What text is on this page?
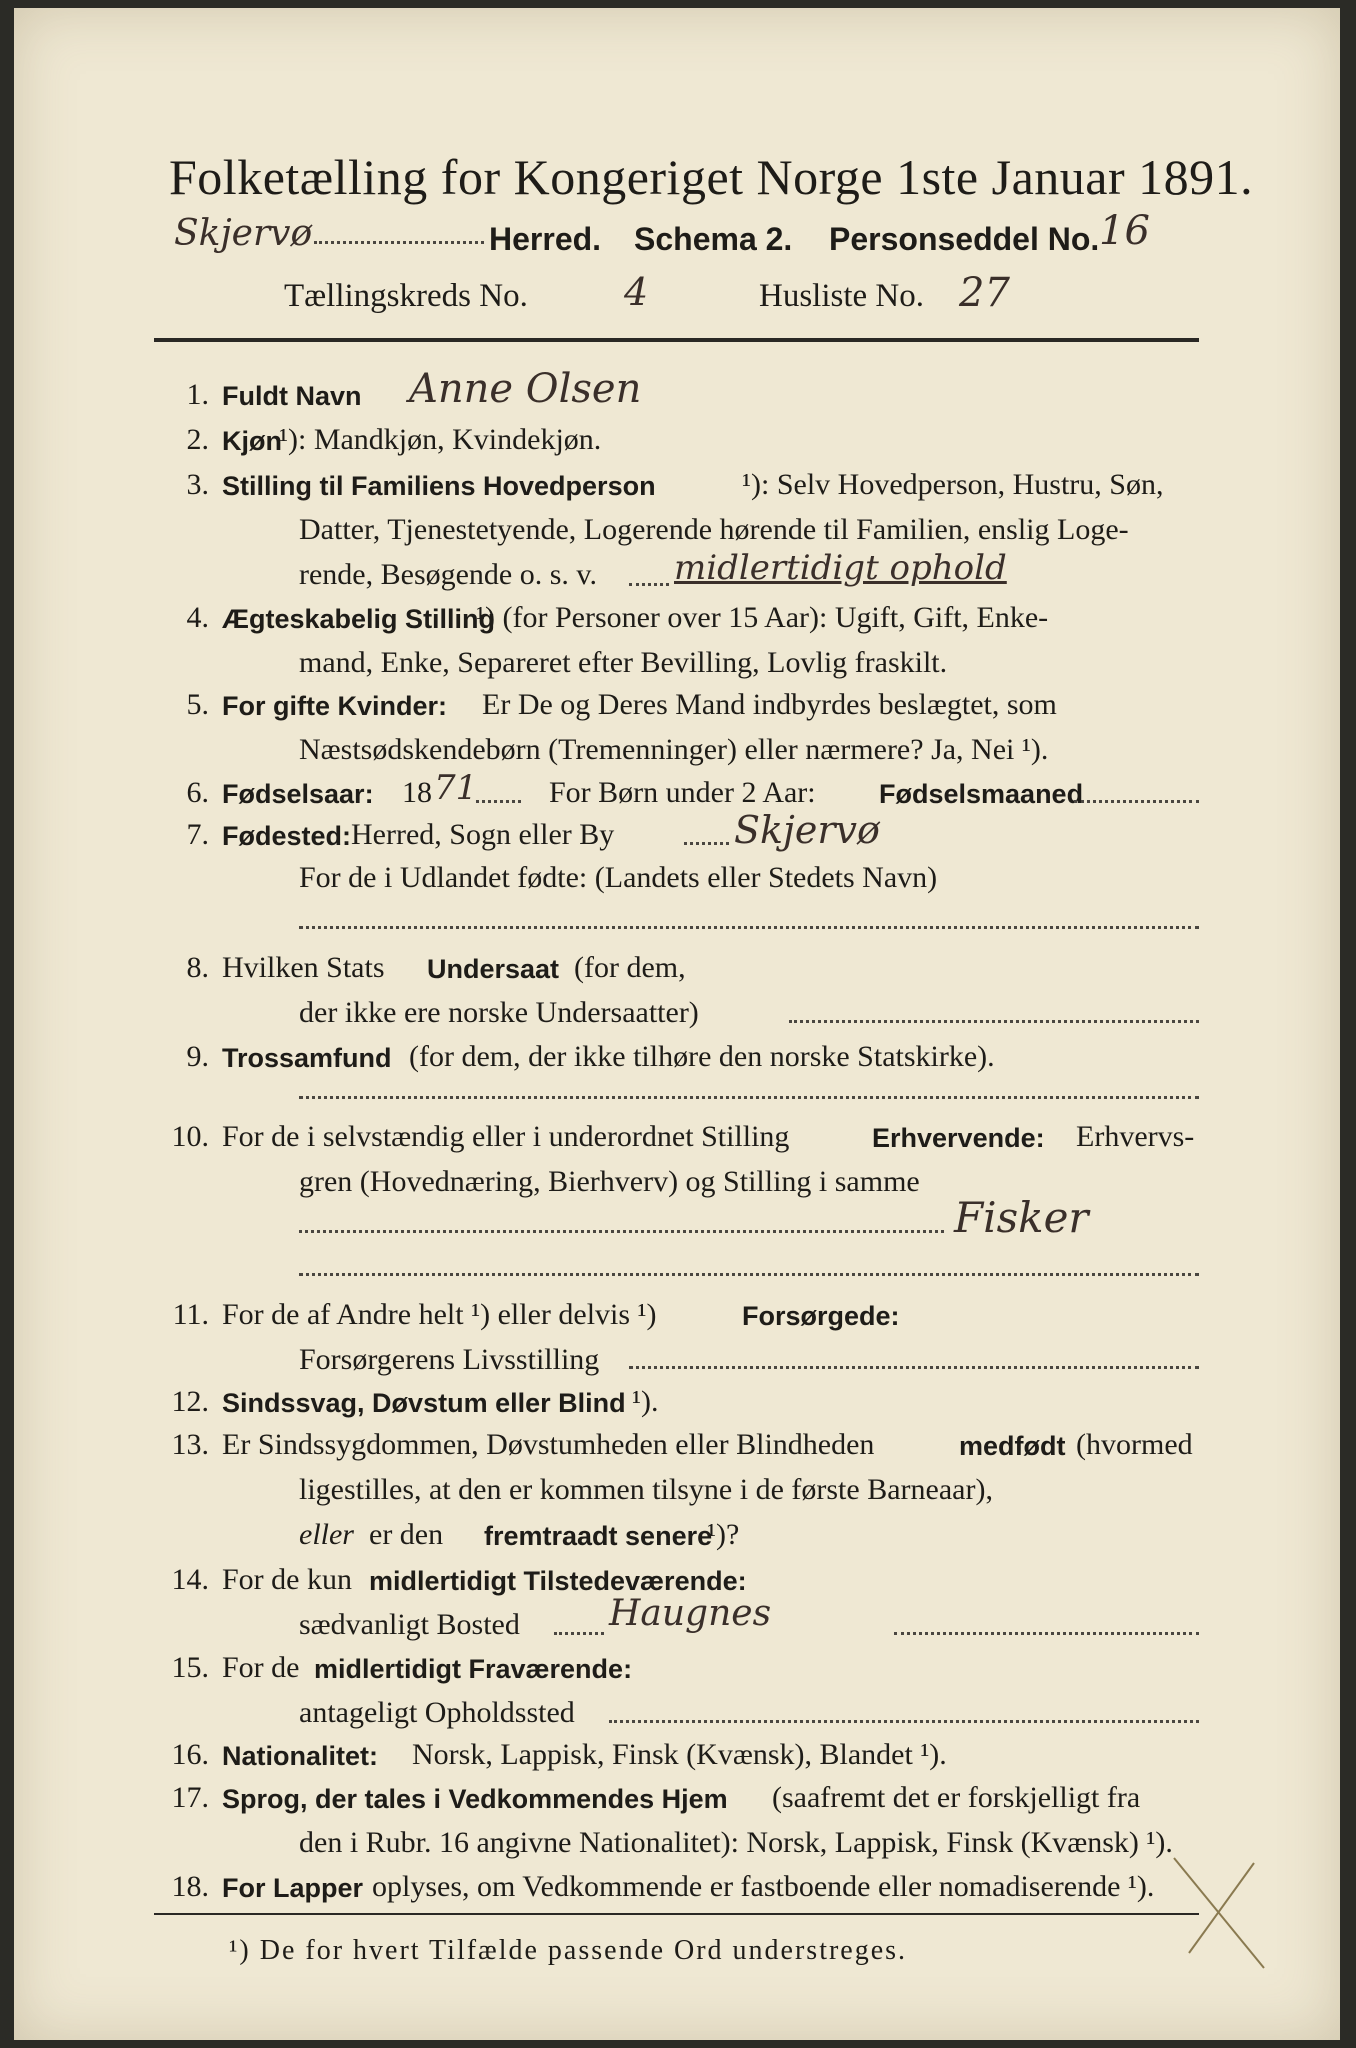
Folketælling for Kongeriget Norge 1ste Januar 1891.
Skjervø	Herred. Schema 2. Personseddel No. 16
Tællingskreds No.	4	Husliste No. 27
1. Fuldt Navn Anne Olsen
2. Kjøn
¹): Mandkjøn, Kvindekjøn.
3. Stilling til Familiens Hovedperson	¹): Selv Hovedperson, Hustru, Søn,
Datter, Tjenestetyende, Logerende hørende til Familien, enslig Loge-
rende, Besøgende o. s. v. midlertidigt ophold
4. Ægteskabelig Stilling
¹) (for Personer over 15 Aar): Ugift, Gift, Enke-
mand, Enke, Separeret efter Bevilling, Lovlig fraskilt.
5. For gifte Kvinder: Er De og Deres Mand indbyrdes beslægtet, som
Næstsødskendebørn (Tremenninger) eller nærmere? Ja, Nei ¹).
6. Fødselsaar: 18 71 For Børn under 2 Aar: Fødselsmaaned
7. Fødested: Herred, Sogn eller By	Skjervø
For de i Udlandet fødte: (Landets eller Stedets Navn)
8. Hvilken Stats Undersaat (for dem,
der ikke ere norske Undersaatter)
9. Trossamfund (for dem, der ikke tilhøre den norske Statskirke).
10. For de i selvstændig eller i underordnet Stilling	Erhvervende: Erhvervs-
gren (Hovednæring, Bierhverv) og Stilling i samme
Fisker
11. For de af Andre helt ¹) eller delvis ¹)	Forsørgede:
Forsørgerens Livsstilling
12. Sindssvag, Døvstum eller Blind ¹).
13. Er Sindssygdommen, Døvstumheden eller Blindheden	medfødt (hvormed
ligestilles, at den er kommen tilsyne i de første Barneaar),
eller er den fremtraadt senere
¹)?
14. For de kun midlertidigt Tilstedeværende:
sædvanligt Bosted Haugnes
15. For de midlertidigt Fraværende:
antageligt Opholdssted
16. Nationalitet: Norsk, Lappisk, Finsk (Kvænsk), Blandet ¹).
17. Sprog, der tales i Vedkommendes Hjem (saafremt det er forskjelligt fra
den i Rubr. 16 angivne Nationalitet): Norsk, Lappisk, Finsk (Kvænsk) ¹).
18. For Lapper oplyses, om Vedkommende er fastboende eller nomadiserende ¹).
¹) De for hvert Tilfælde passende Ord understreges.
